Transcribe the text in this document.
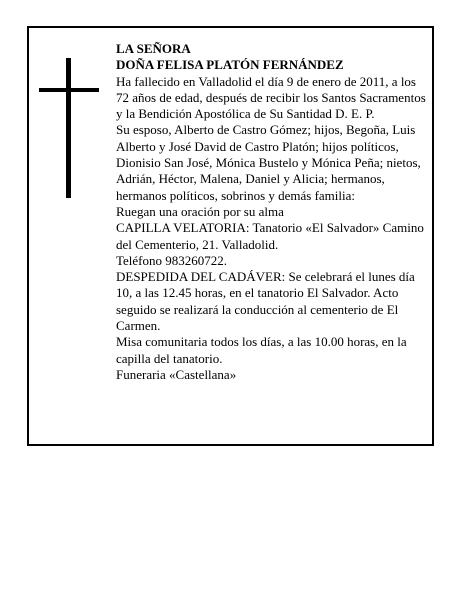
LA SEÑORA

DOÑA FELISA PLATÓN FERNÁNDEZ

Ha fallecido en Valladolid el día 9 de enero de 2011, a los 72 años de edad, después de recibir los Santos Sacramentos y la Bendición Apostólica de Su Santidad D. E. P.

Su esposo, Alberto de Castro Gómez; hijos, Begoña, Luis Alberto y José David de Castro Platón; hijos políticos, Dionisio San José, Mónica Bustelo y Mónica Peña; nietos, Adrián, Héctor, Malena, Daniel y Alicia; hermanos, hermanos políticos, sobrinos y demás familia:

Ruegan una oración por su alma

CAPILLA VELATORIA: Tanatorio «El Salvador» Camino del Cementerio, 21. Valladolid.

Teléfono 983260722.

DESPEDIDA DEL CADÁVER: Se celebrará el lunes día 10, a las 12.45 horas, en el tanatorio El Salvador. Acto seguido se realizará la conducción al cementerio de El Carmen.

Misa comunitaria todos los días, a las 10.00 horas, en la capilla del tanatorio.

Funeraria «Castellana»
